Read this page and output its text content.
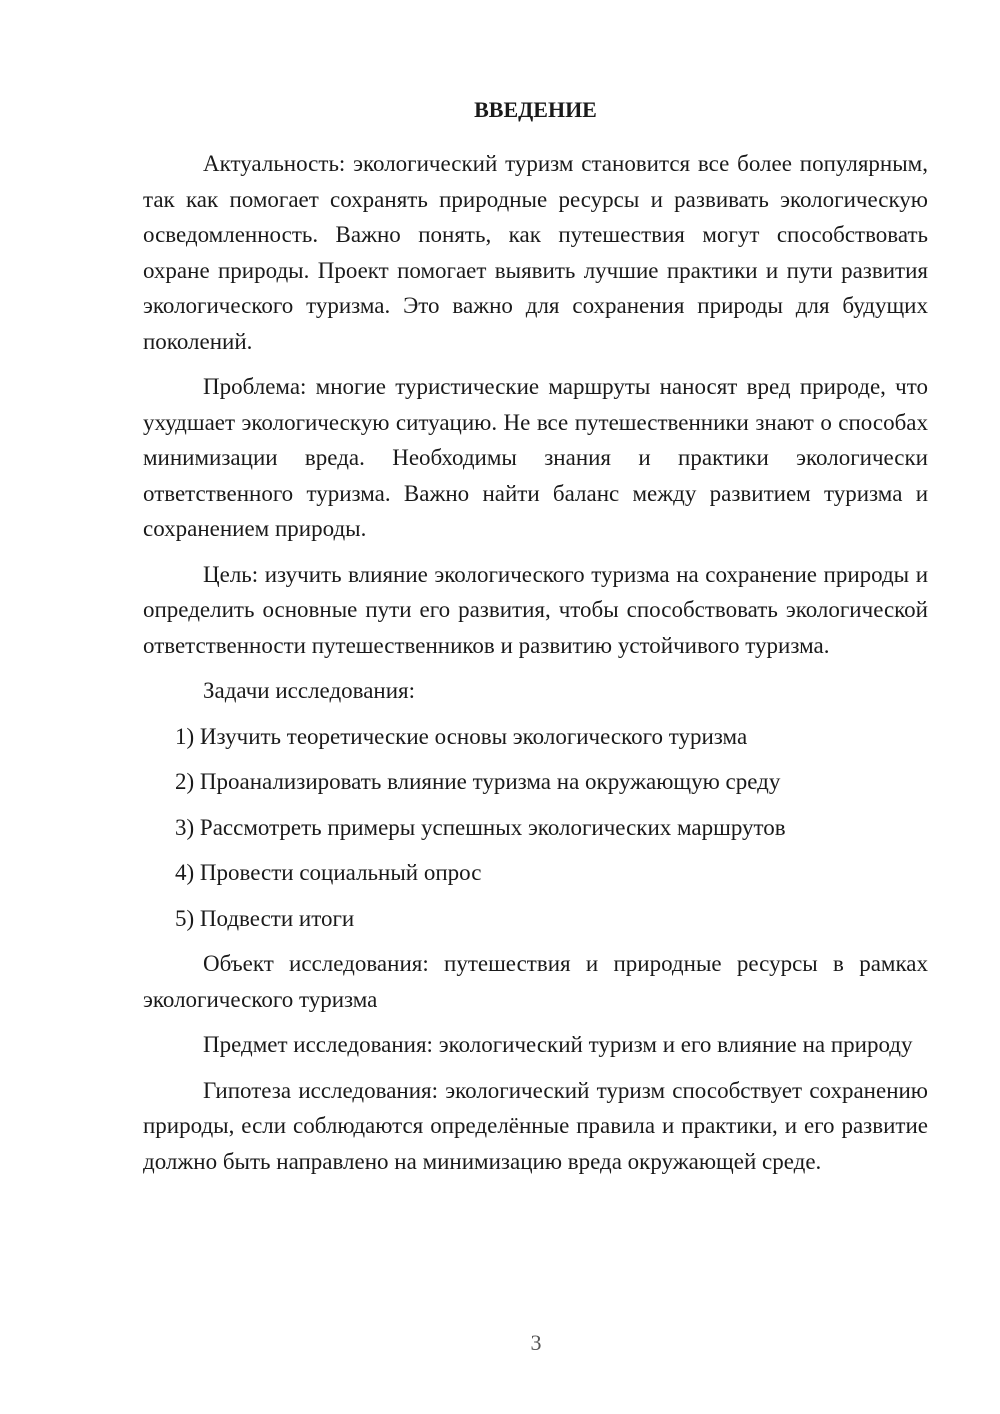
ВВЕДЕНИЕ

Актуальность: экологический туризм становится все более популярным, так как помогает сохранять природные ресурсы и развивать экологическую осведомленность. Важно понять, как путешествия могут способствовать охране природы. Проект помогает выявить лучшие практики и пути развития экологического туризма. Это важно для сохранения природы для будущих поколений.

Проблема: многие туристические маршруты наносят вред природе, что ухудшает экологическую ситуацию. Не все путешественники знают о способах минимизации вреда. Необходимы знания и практики экологически ответственного туризма. Важно найти баланс между развитием туризма и сохранением природы.

Цель: изучить влияние экологического туризма на сохранение природы и определить основные пути его развития, чтобы способствовать экологической ответственности путешественников и развитию устойчивого туризма.

Задачи исследования:

1) Изучить теоретические основы экологического туризма
2) Проанализировать влияние туризма на окружающую среду
3) Рассмотреть примеры успешных экологических маршрутов
4) Провести социальный опрос
5) Подвести итоги

Объект исследования: путешествия и природные ресурсы в рамках экологического туризма

Предмет исследования: экологический туризм и его влияние на природу

Гипотеза исследования: экологический туризм способствует сохранению природы, если соблюдаются определённые правила и практики, и его развитие должно быть направлено на минимизацию вреда окружающей среде.

3
